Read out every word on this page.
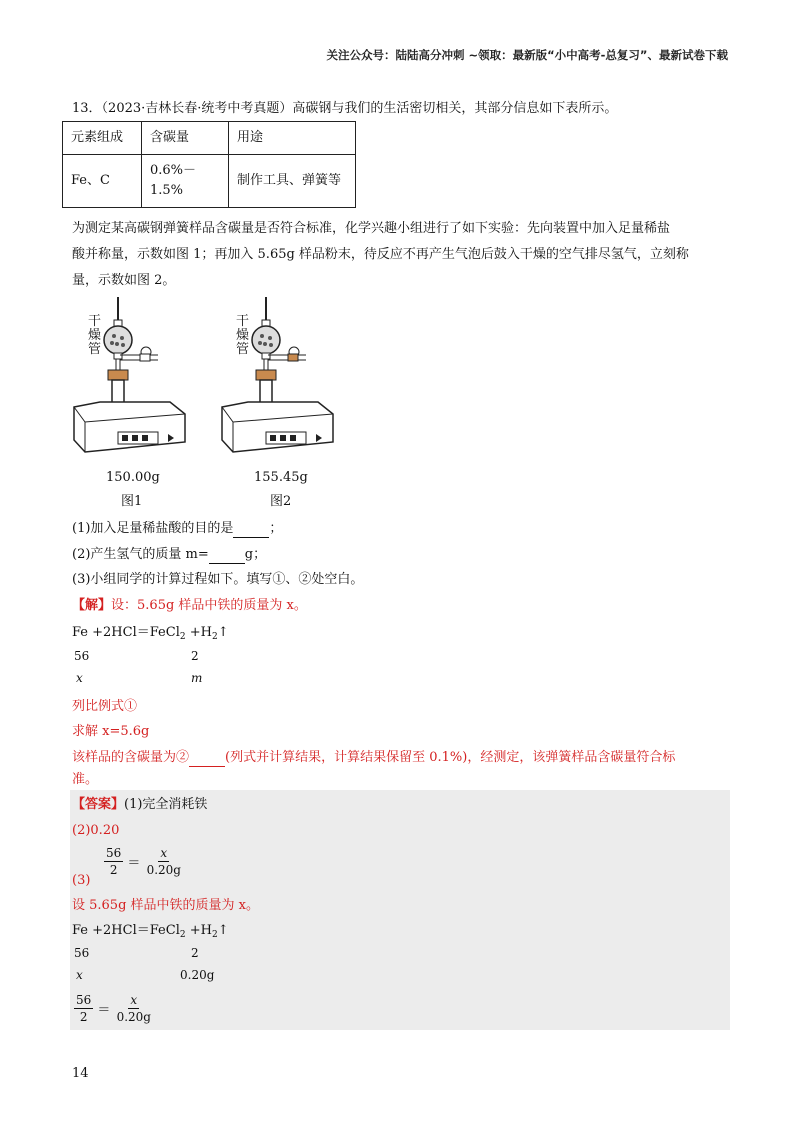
关注公众号：陆陆高分冲刺 ~领取：最新版“小中高考-总复习”、最新试卷下载
13．（2023·吉林长春·统考中考真题）高碳钢与我们的生活密切相关，其部分信息如下表所示。
元素组成	含碳量	用途
Fe、C	0.6%－1.5%	制作工具、弹簧等
为测定某高碳钢弹簧样品含碳量是否符合标准，化学兴趣小组进行了如下实验：先向装置中加入足量稀盐
酸并称量，示数如图 1；再加入 5.65g 样品粉末，待反应不再产生气泡后鼓入干燥的空气排尽氢气，立刻称
量，示数如图 2。
干燥管
150.00g
图1
干燥管
155.45g
图2
(1)加入足量稀盐酸的目的是	；
(2)产生氢气的质量 m=	g；
(3)小组同学的计算过程如下。填写①、②处空白。
【解】设：5.65g 样品中铁的质量为 x。
Fe +2HCl＝FeCl$_2$ $+H_2↑$
56	2
x	m
列比例式①
求解 x=5.6g
该样品的含碳量为②	(列式并计算结果，计算结果保留至 0.1%)，经测定，该弹簧样品含碳量符合标
准。
【答案】(1)完全消耗铁
(2)0.20
$\frac{56}{2} = \frac{x}{0.20g}$
(3)
设 5.65g 样品中铁的质量为 x。
Fe +2HCl＝FeCl$_2$ $+H_2↑$
56	2
x	0.20g
$\frac{56}{2} = \frac{x}{0.20g}$
14
